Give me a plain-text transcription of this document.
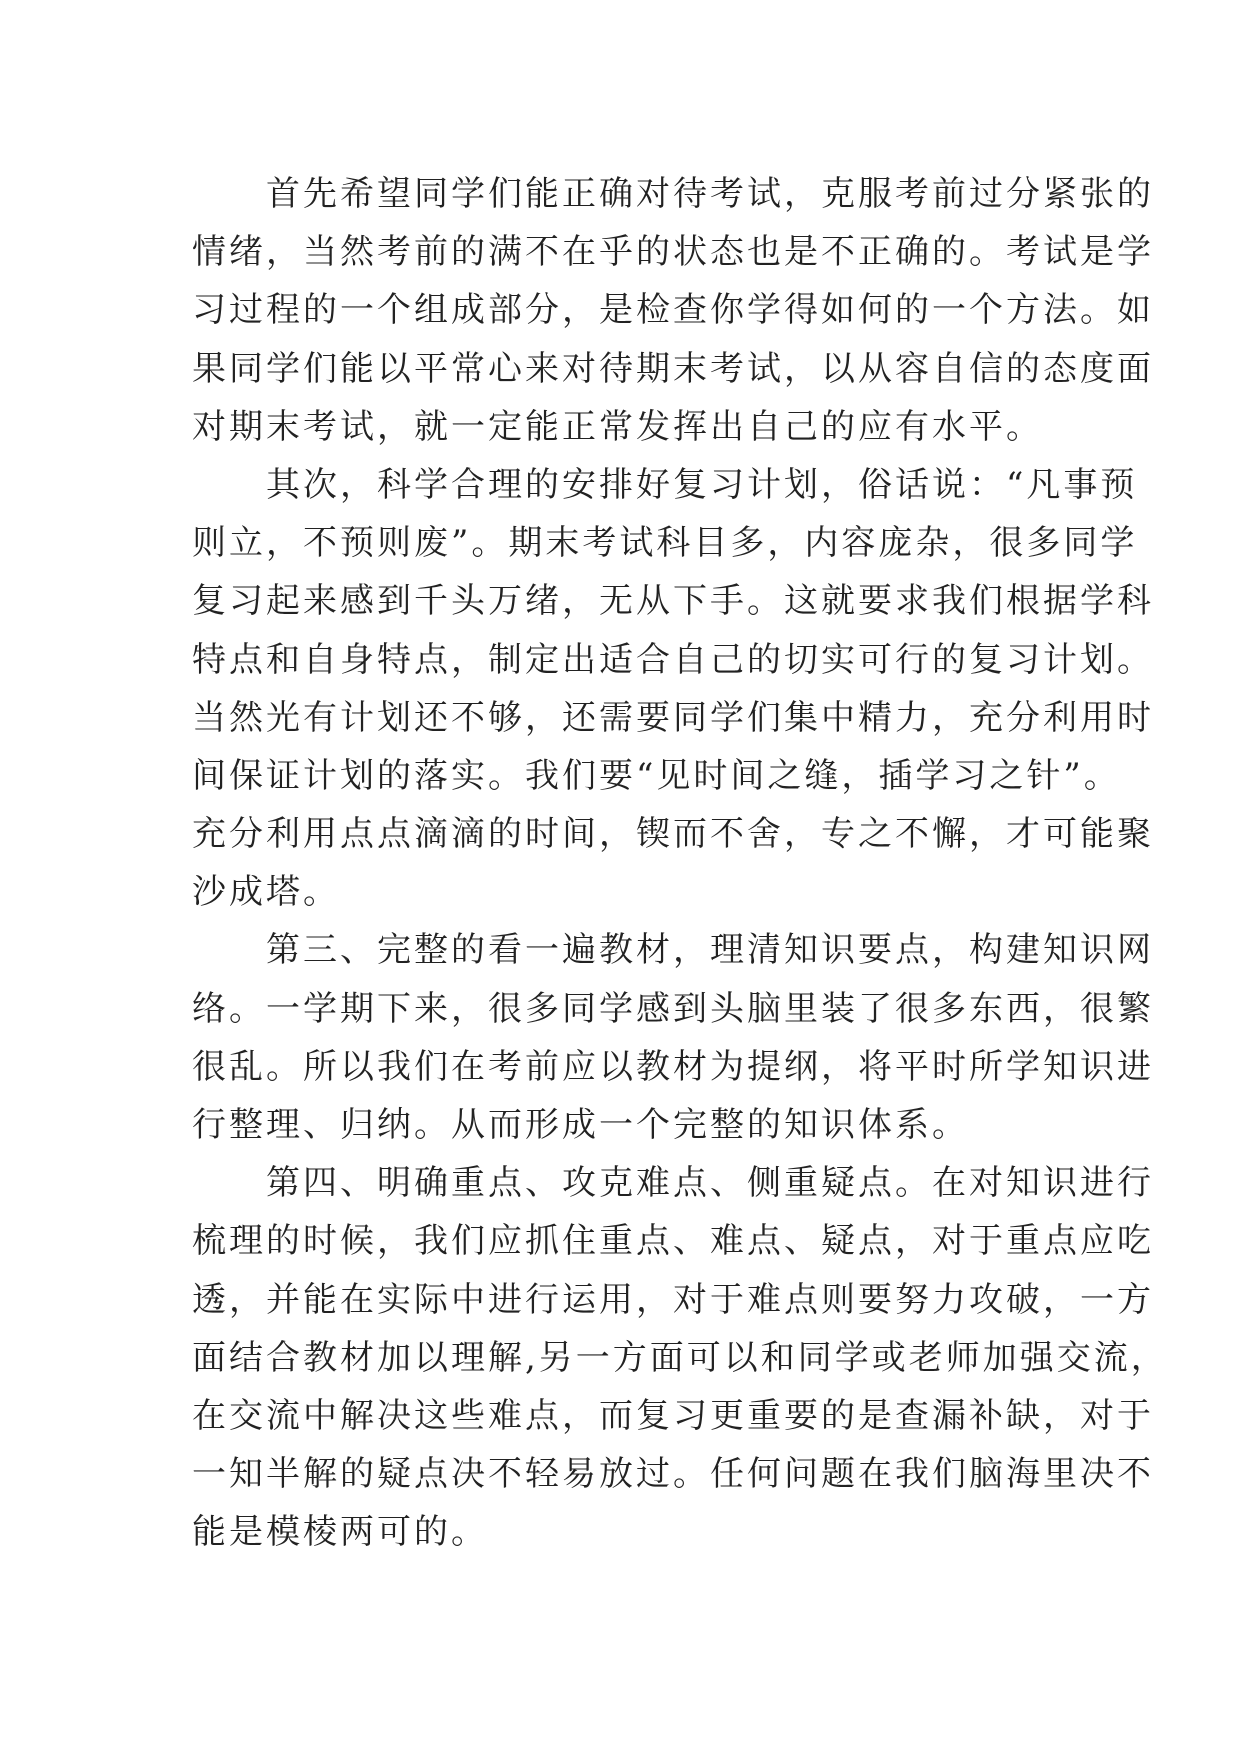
　　首先希望同学们能正确对待考试，克服考前过分紧张的
情绪，当然考前的满不在乎的状态也是不正确的。考试是学
习过程的一个组成部分，是检查你学得如何的一个方法。如
果同学们能以平常心来对待期末考试，以从容自信的态度面
对期末考试，就一定能正常发挥出自己的应有水平。
　　其次，科学合理的安排好复习计划，俗话说：“凡事预
则立，不预则废”。期末考试科目多，内容庞杂，很多同学
复习起来感到千头万绪，无从下手。这就要求我们根据学科
特点和自身特点，制定出适合自己的切实可行的复习计划。
当然光有计划还不够，还需要同学们集中精力，充分利用时
间保证计划的落实。我们要“见时间之缝，插学习之针”。
充分利用点点滴滴的时间，锲而不舍，专之不懈，才可能聚
沙成塔。
　　第三、完整的看一遍教材，理清知识要点，构建知识网
络。一学期下来，很多同学感到头脑里装了很多东西，很繁
很乱。所以我们在考前应以教材为提纲，将平时所学知识进
行整理、归纳。从而形成一个完整的知识体系。
　　第四、明确重点、攻克难点、侧重疑点。在对知识进行
梳理的时候，我们应抓住重点、难点、疑点，对于重点应吃
透，并能在实际中进行运用，对于难点则要努力攻破，一方
面结合教材加以理解,另一方面可以和同学或老师加强交流，
在交流中解决这些难点，而复习更重要的是查漏补缺，对于
一知半解的疑点决不轻易放过。任何问题在我们脑海里决不
能是模棱两可的。
